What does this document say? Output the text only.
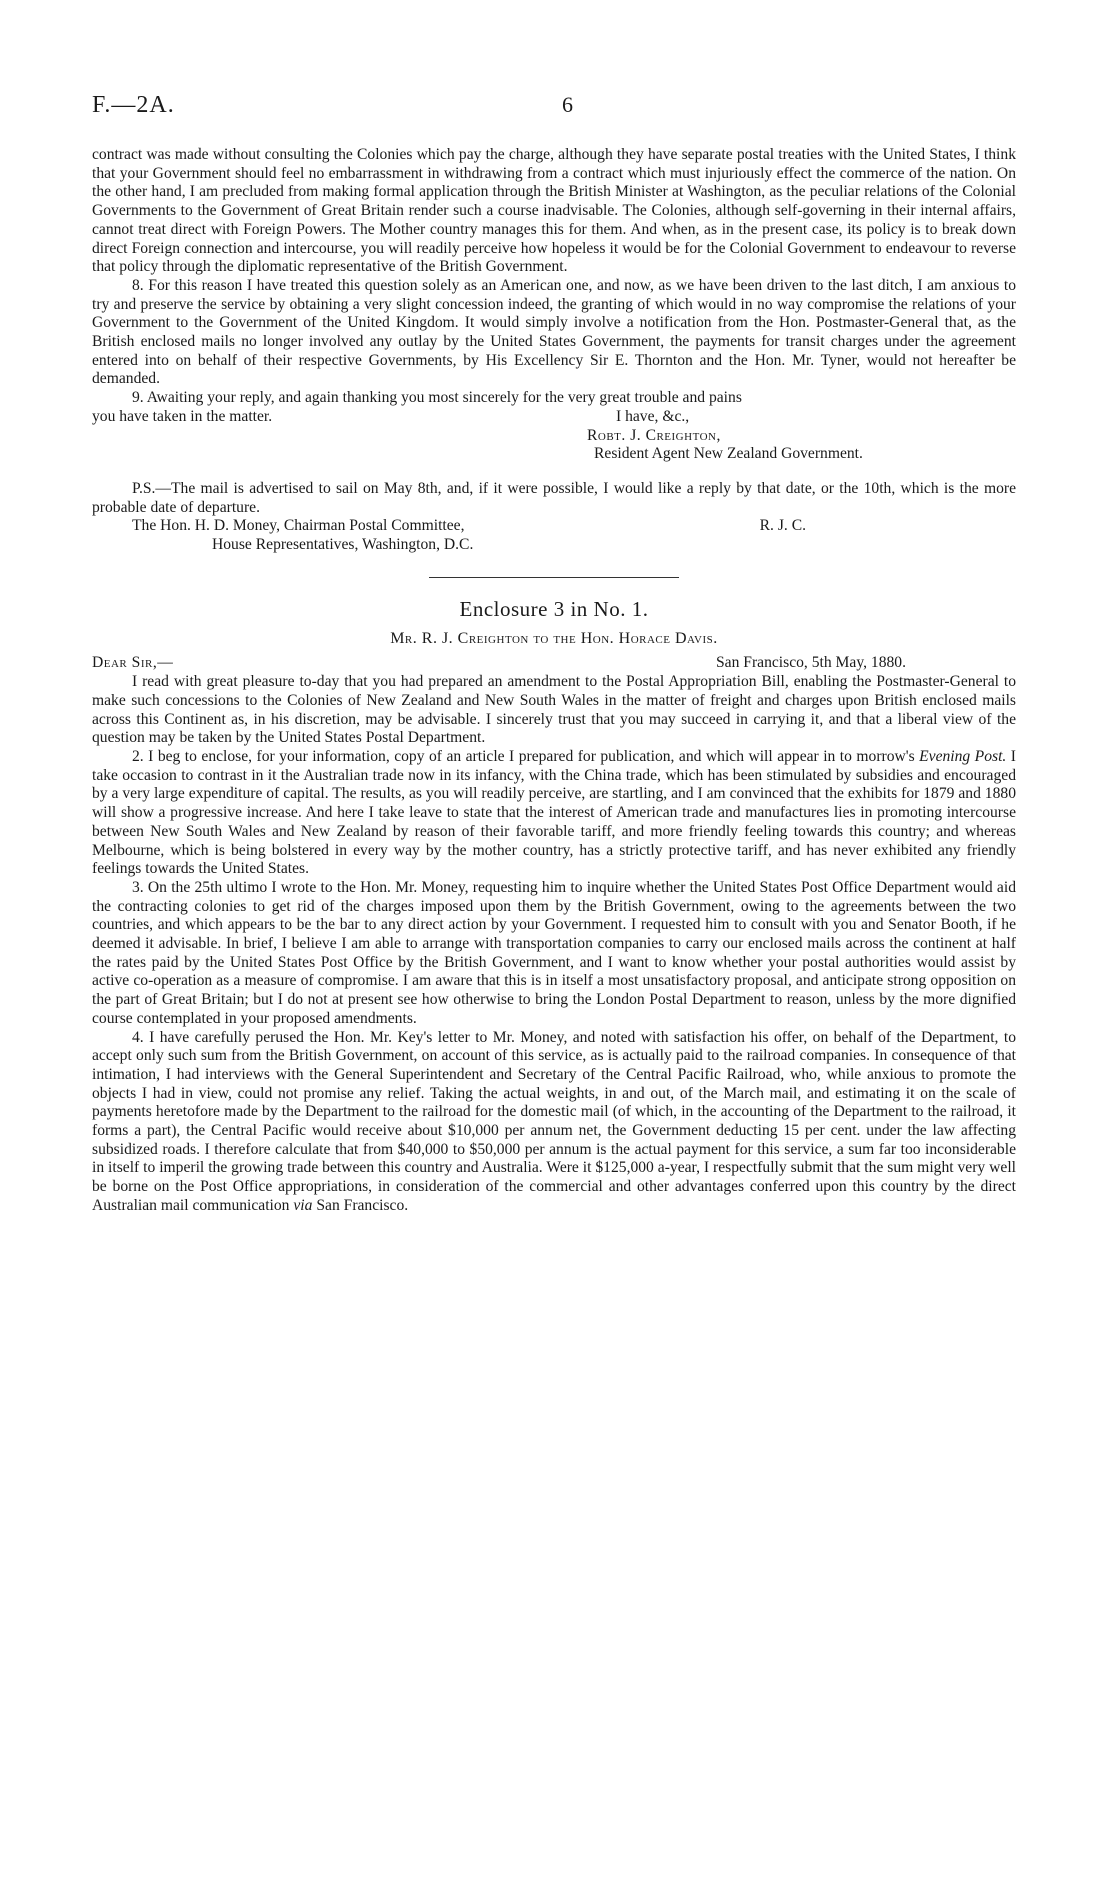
F.—2A.	6

contract was made without consulting the Colonies which pay the charge, although they have separate postal treaties with the United States, I think that your Government should feel no embarrassment in withdrawing from a contract which must injuriously effect the commerce of the nation. On the other hand, I am precluded from making formal application through the British Minister at Washington, as the peculiar relations of the Colonial Governments to the Government of Great Britain render such a course inadvisable. The Colonies, although self-governing in their internal affairs, cannot treat direct with Foreign Powers. The Mother country manages this for them. And when, as in the present case, its policy is to break down direct Foreign connection and intercourse, you will readily perceive how hopeless it would be for the Colonial Government to endeavour to reverse that policy through the diplomatic representative of the British Government.

8. For this reason I have treated this question solely as an American one, and now, as we have been driven to the last ditch, I am anxious to try and preserve the service by obtaining a very slight concession indeed, the granting of which would in no way compromise the relations of your Government to the Government of the United Kingdom. It would simply involve a notification from the Hon. Postmaster-General that, as the British enclosed mails no longer involved any outlay by the United States Government, the payments for transit charges under the agreement entered into on behalf of their respective Governments, by His Excellency Sir E. Thornton and the Hon. Mr. Tyner, would not hereafter be demanded.

9. Awaiting your reply, and again thanking you most sincerely for the very great trouble and pains

you have taken in the matter.	I have, &c.,
Robt. J. Creighton,
Resident Agent New Zealand Government.

P.S.—The mail is advertised to sail on May 8th, and, if it were possible, I would like a reply by that date, or the 10th, which is the more probable date of departure.

The Hon. H. D. Money, Chairman Postal Committee,	R. J. C.
House Representatives, Washington, D.C.
Enclosure 3 in No. 1.
Mr. R. J. Creighton to the Hon. Horace Davis.
Dear Sir,—	San Francisco, 5th May, 1880.

I read with great pleasure to-day that you had prepared an amendment to the Postal Appropriation Bill, enabling the Postmaster-General to make such concessions to the Colonies of New Zealand and New South Wales in the matter of freight and charges upon British enclosed mails across this Continent as, in his discretion, may be advisable. I sincerely trust that you may succeed in carrying it, and that a liberal view of the question may be taken by the United States Postal Department.

2. I beg to enclose, for your information, copy of an article I prepared for publication, and which will appear in to morrow's Evening Post. I take occasion to contrast in it the Australian trade now in its infancy, with the China trade, which has been stimulated by subsidies and encouraged by a very large expenditure of capital. The results, as you will readily perceive, are startling, and I am convinced that the exhibits for 1879 and 1880 will show a progressive increase. And here I take leave to state that the interest of American trade and manufactures lies in promoting intercourse between New South Wales and New Zealand by reason of their favorable tariff, and more friendly feeling towards this country; and whereas Melbourne, which is being bolstered in every way by the mother country, has a strictly protective tariff, and has never exhibited any friendly feelings towards the United States.

3. On the 25th ultimo I wrote to the Hon. Mr. Money, requesting him to inquire whether the United States Post Office Department would aid the contracting colonies to get rid of the charges imposed upon them by the British Government, owing to the agreements between the two countries, and which appears to be the bar to any direct action by your Government. I requested him to consult with you and Senator Booth, if he deemed it advisable. In brief, I believe I am able to arrange with transportation companies to carry our enclosed mails across the continent at half the rates paid by the United States Post Office by the British Government, and I want to know whether your postal authorities would assist by active co-operation as a measure of compromise. I am aware that this is in itself a most unsatisfactory proposal, and anticipate strong opposition on the part of Great Britain; but I do not at present see how otherwise to bring the London Postal Department to reason, unless by the more dignified course contemplated in your proposed amendments.

4. I have carefully perused the Hon. Mr. Key's letter to Mr. Money, and noted with satisfaction his offer, on behalf of the Department, to accept only such sum from the British Government, on account of this service, as is actually paid to the railroad companies. In consequence of that intimation, I had interviews with the General Superintendent and Secretary of the Central Pacific Railroad, who, while anxious to promote the objects I had in view, could not promise any relief. Taking the actual weights, in and out, of the March mail, and estimating it on the scale of payments heretofore made by the Department to the railroad for the domestic mail (of which, in the accounting of the Department to the railroad, it forms a part), the Central Pacific would receive about $10,000 per annum net, the Government deducting 15 per cent. under the law affecting subsidized roads. I therefore calculate that from $40,000 to $50,000 per annum is the actual payment for this service, a sum far too inconsiderable in itself to imperil the growing trade between this country and Australia. Were it $125,000 a-year, I respectfully submit that the sum might very well be borne on the Post Office appropriations, in consideration of the commercial and other advantages conferred upon this country by the direct Australian mail communication via San Francisco.
